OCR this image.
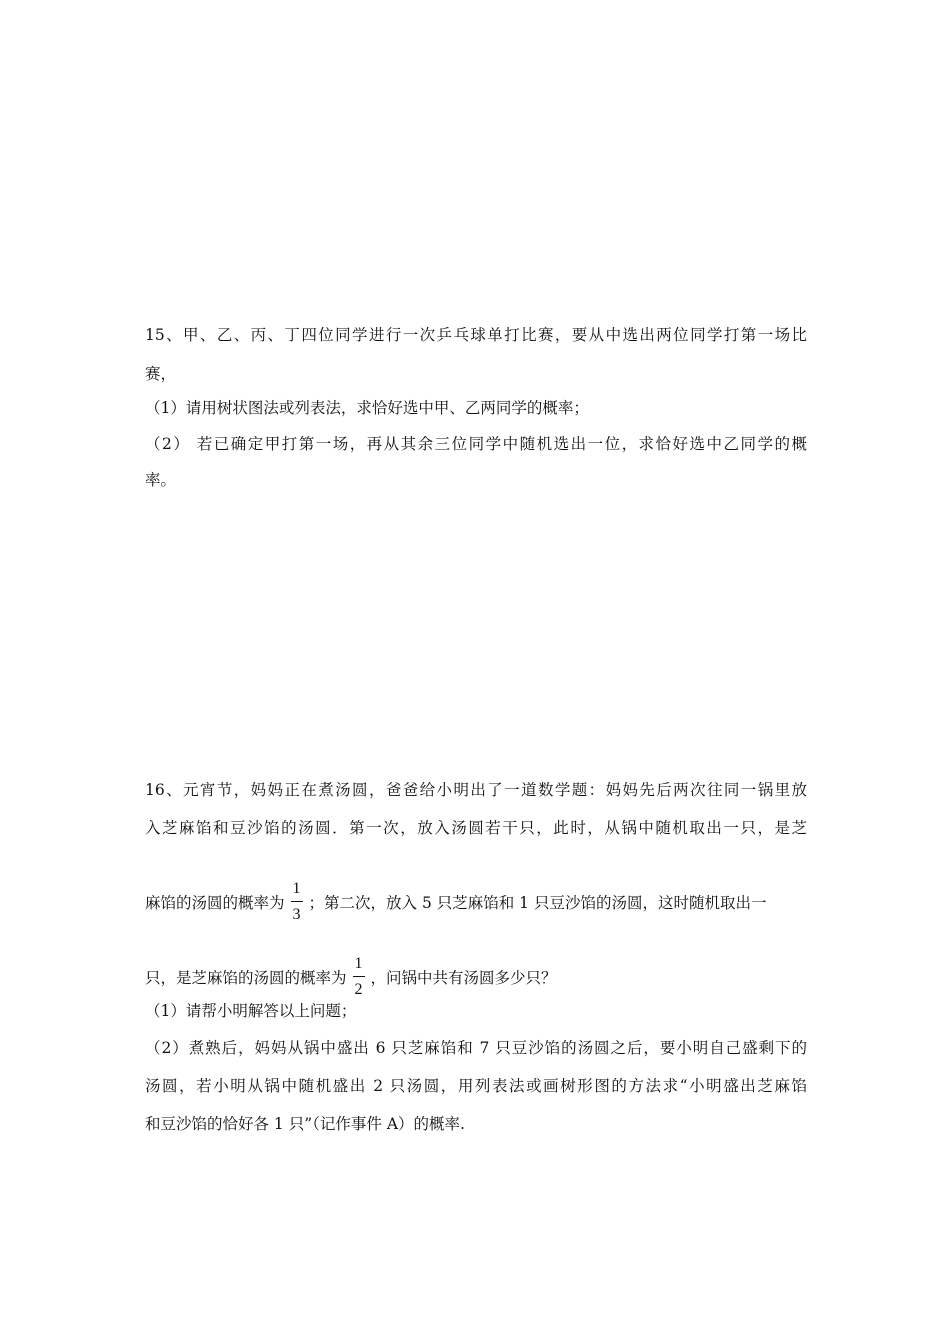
15、甲、乙、丙、丁四位同学进行一次乒乓球单打比赛，要从中选出两位同学打第一场比
赛，
（1）请用树状图法或列表法，求恰好选中甲、乙两同学的概率；
（2） 若已确定甲打第一场，再从其余三位同学中随机选出一位，求恰好选中乙同学的概
率。
16、元宵节，妈妈正在煮汤圆，爸爸给小明出了一道数学题：妈妈先后两次往同一锅里放
入芝麻馅和豆沙馅的汤圆．第一次，放入汤圆若干只，此时，从锅中随机取出一只，是芝
麻馅的汤圆的概率为 $\frac{1}{3}$ ；第二次，放入 5 只芝麻馅和 1 只豆沙馅的汤圆，这时随机取出一
只，是芝麻馅的汤圆的概率为 $\frac{1}{2}$ ，问锅中共有汤圆多少只？
（1）请帮小明解答以上问题；
（2）煮熟后，妈妈从锅中盛出 6 只芝麻馅和 7 只豆沙馅的汤圆之后，要小明自己盛剩下的
汤圆，若小明从锅中随机盛出 2 只汤圆，用列表法或画树形图的方法求“小明盛出芝麻馅
和豆沙馅的恰好各 1 只”（记作事件 A）的概率.
